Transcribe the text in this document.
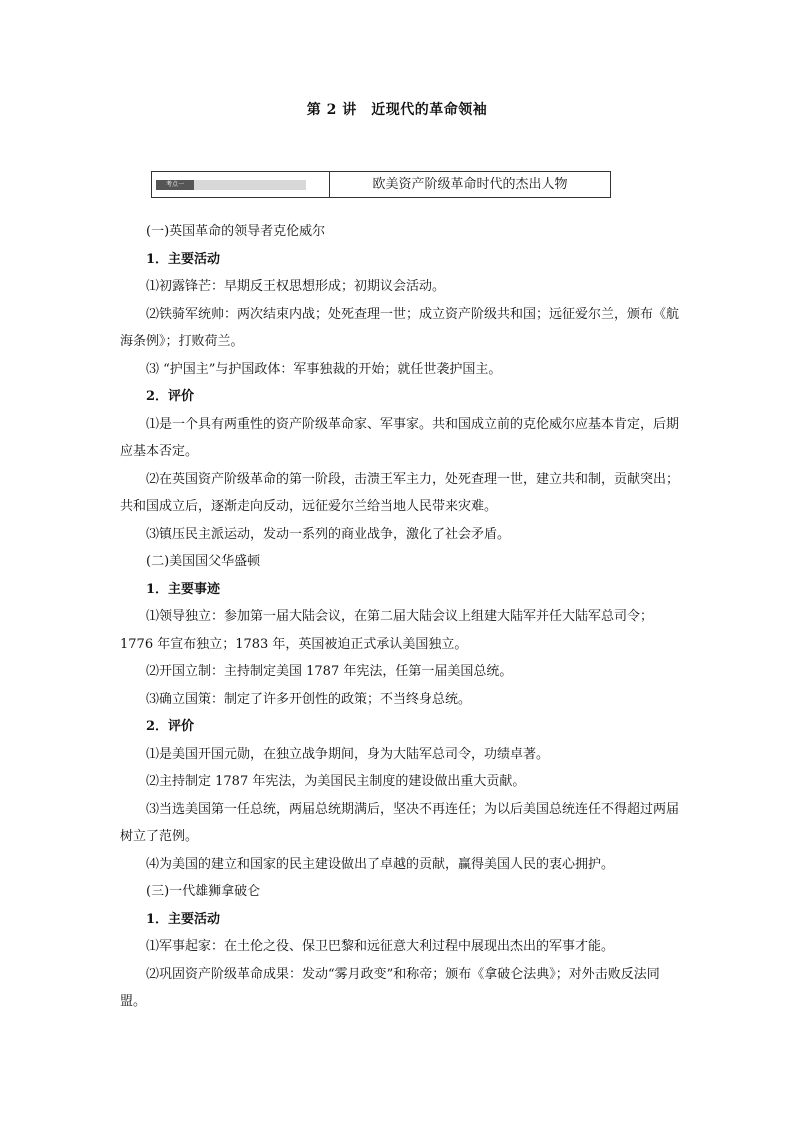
第 2 讲　近现代的革命领袖
考点一	欧美资产阶级革命时代的杰出人物

(一)英国革命的领导者克伦威尔

1．主要活动

⑴初露锋芒：早期反王权思想形成；初期议会活动。

⑵铁骑军统帅：两次结束内战；处死查理一世；成立资产阶级共和国；远征爱尔兰，颁布《航海条例》；打败荷兰。

⑶ “护国主”与护国政体：军事独裁的开始；就任世袭护国主。

2．评价

⑴是一个具有两重性的资产阶级革命家、军事家。共和国成立前的克伦威尔应基本肯定，后期应基本否定。

⑵在英国资产阶级革命的第一阶段，击溃王军主力，处死查理一世，建立共和制，贡献突出；共和国成立后，逐渐走向反动，远征爱尔兰给当地人民带来灾难。

⑶镇压民主派运动，发动一系列的商业战争，激化了社会矛盾。

(二)美国国父华盛顿

1．主要事迹

⑴领导独立：参加第一届大陆会议，在第二届大陆会议上组建大陆军并任大陆军总司令；1776 年宣布独立；1783 年，英国被迫正式承认美国独立。

⑵开国立制：主持制定美国 1787 年宪法，任第一届美国总统。

⑶确立国策：制定了许多开创性的政策；不当终身总统。

2．评价

⑴是美国开国元勋，在独立战争期间，身为大陆军总司令，功绩卓著。

⑵主持制定 1787 年宪法，为美国民主制度的建设做出重大贡献。

⑶当选美国第一任总统，两届总统期满后，坚决不再连任；为以后美国总统连任不得超过两届树立了范例。

⑷为美国的建立和国家的民主建设做出了卓越的贡献，赢得美国人民的衷心拥护。

(三)一代雄狮拿破仑

1．主要活动

⑴军事起家：在土伦之役、保卫巴黎和远征意大利过程中展现出杰出的军事才能。

⑵巩固资产阶级革命成果：发动“雾月政变”和称帝；颁布《拿破仑法典》；对外击败反法同盟。
